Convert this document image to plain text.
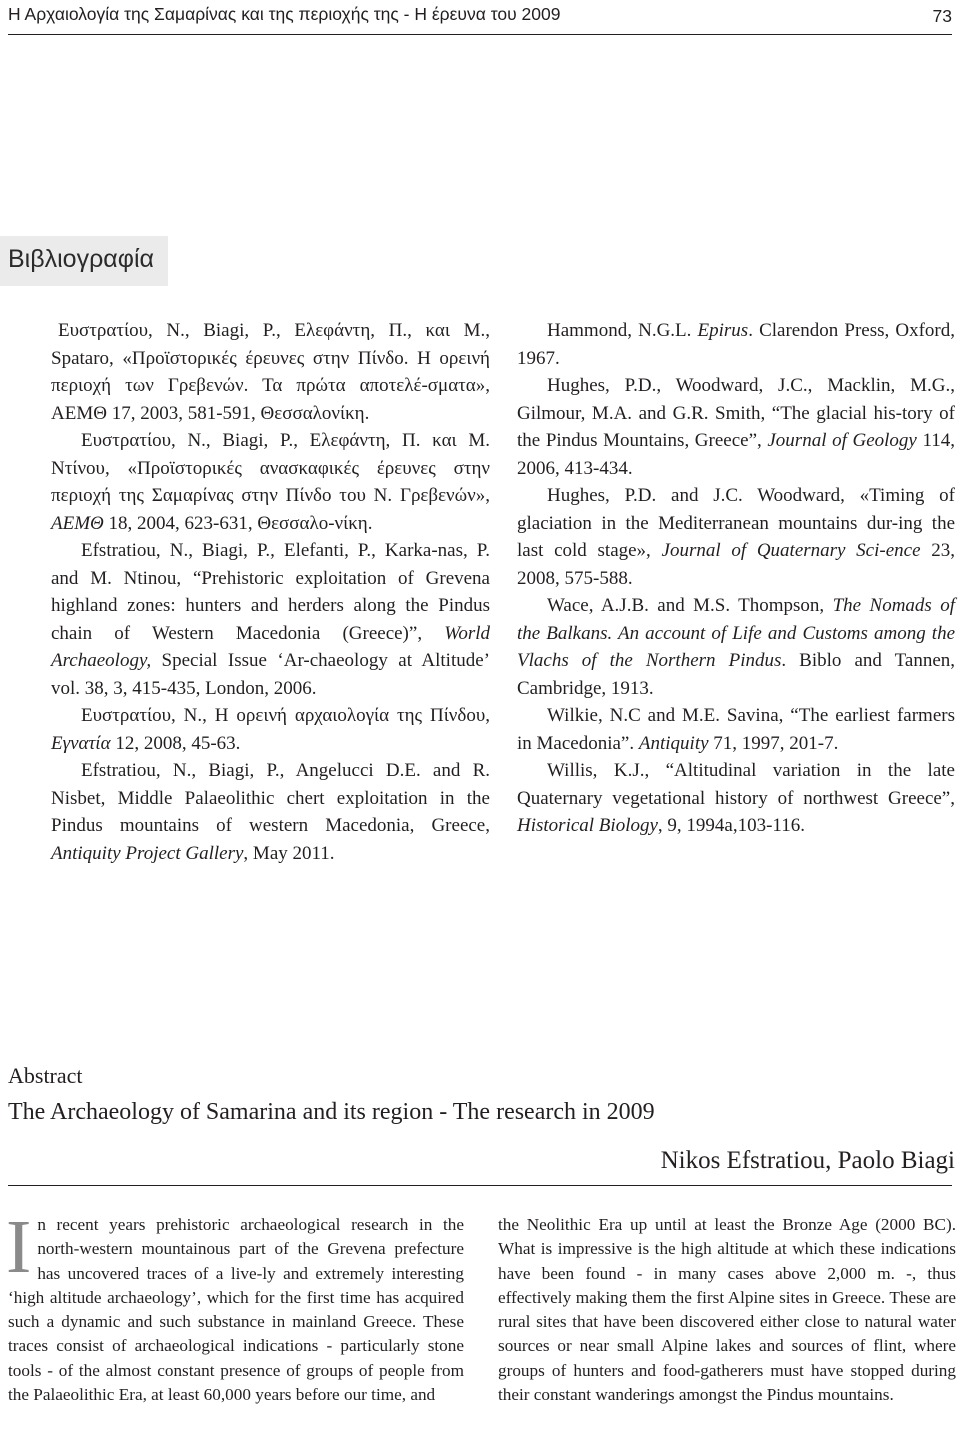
Η Αρχαιολογία της Σαμαρίνας και της περιοχής της - Η έρευνα του 2009	73
Βιβλιογραφία

Ευστρατίου, Ν., Biagi, P., Ελεφάντη, Π., και Μ., Spataro, «Προϊστορικές έρευνες στην Πίνδο. Η ορεινή περιοχή των Γρεβενών. Τα πρώτα αποτελέ-σματα», ΑΕΜΘ 17, 2003, 581-591, Θεσσαλονίκη.

Ευστρατίου, Ν., Biagi, P., Ελεφάντη, Π. και Μ. Ντίνου, «Προϊστορικές ανασκαφικές έρευνες στην περιοχή της Σαμαρίνας στην Πίνδο του Ν. Γρεβενών», ΑΕΜΘ 18, 2004, 623-631, Θεσσαλο-νίκη.

Efstratiou, N., Biagi, P., Elefanti, P., Karka-nas, P. and M. Ntinou, “Prehistoric exploitation of Grevena highland zones: hunters and herders along the Pindus chain of Western Macedonia (Greece)”, World Archaeology, Special Issue ‘Ar-chaeology at Altitude’ vol. 38, 3, 415-435, London, 2006.

Ευστρατίου, Ν., Η ορεινή αρχαιολογία της Πίνδου, Εγνατία 12, 2008, 45-63.

Efstratiou, N., Biagi, P., Angelucci D.E. and R. Nisbet, Middle Palaeolithic chert exploitation in the Pindus mountains of western Macedonia, Greece, Antiquity Project Gallery, May 2011.

Hammond, N.G.L. Epirus. Clarendon Press, Oxford, 1967.

Hughes, P.D., Woodward, J.C., Macklin, M.G., Gilmour, M.A. and G.R. Smith, “The glacial his-tory of the Pindus Mountains, Greece”, Journal of Geology 114, 2006, 413-434.

Hughes, P.D. and J.C. Woodward, «Timing of glaciation in the Mediterranean mountains dur-ing the last cold stage», Journal of Quaternary Sci-ence 23, 2008, 575-588.

Wace, A.J.B. and M.S. Thompson, The Nomads of the Balkans. An account of Life and Customs among the Vlachs of the Northern Pindus. Biblo and Tannen, Cambridge, 1913.

Wilkie, N.C and M.E. Savina, “The earliest farmers in Macedonia”. Antiquity 71, 1997, 201-7.

Willis, K.J., “Altitudinal variation in the late Quaternary vegetational history of northwest Greece”, Historical Biology, 9, 1994a,103-116.

Abstract
The Archaeology of Samarina and its region - The research in 2009
Nikos Efstratiou, Paolo Biagi

In recent years prehistoric archaeological research in the north-western mountainous part of the Grevena prefecture has uncovered traces of a live-ly and extremely interesting ‘high altitude archaeology’, which for the first time has acquired such a dynamic and such substance in mainland Greece. These traces consist of archaeological indications - particularly stone tools - of the almost constant presence of groups of people from the Palaeolithic Era, at least 60,000 years before our time, and

the Neolithic Era up until at least the Bronze Age (2000 BC). What is impressive is the high altitude at which these indications have been found - in many cases above 2,000 m. -, thus effectively making them the first Alpine sites in Greece. These are rural sites that have been discovered either close to natural water sources or near small Alpine lakes and sources of flint, where groups of hunters and food-gatherers must have stopped during their constant wanderings amongst the Pindus mountains.
